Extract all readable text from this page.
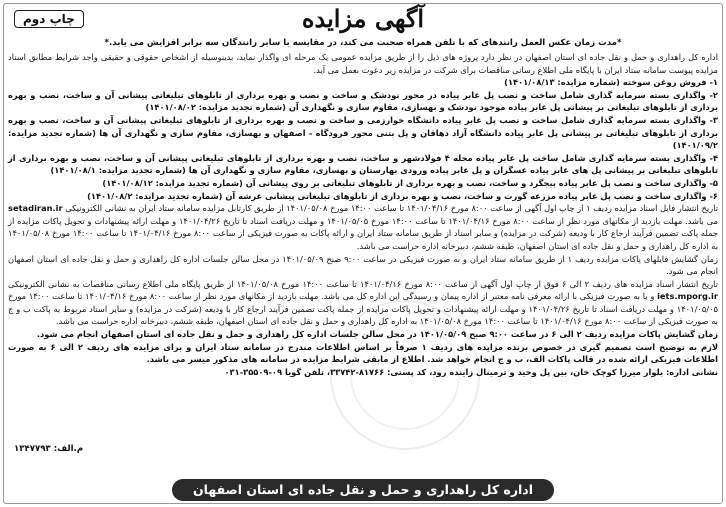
آگهی مزایده
چاپ دوم
*مدت زمان عکس العمل رانندهای که با تلفن همراه صحبت می کند، در مقایسه با سایر رانندگان سه برابر افزایش می یابد.*

اداره کل راهداری و حمل و نقل جاده ای استان اصفهان در نظر دارد پروژه های ذیل را از طریق مزایده عمومی یک مرحله ای واگذار نماید، بدینوسیله از اشخاص حقوقی و حقیقی واجد شرایط مطابق اسناد مزایده پیوست سامانه ستاد ایران با پایگاه ملی اطلاع رسانی مناقصات برای شرکت در مزایده زیر دعوت بعمل می آید.

۱- فروش روغن سوخته (شماره مزایده: ۱۴۰۱/۰۸/۱۳)

۲- واگذاری بسته سرمایه گذاری شامل ساخت و نصب پل عابر پیاده در محور نودشک و ساخت و نصب و بهره برداری از تابلوهای تبلیغاتی پیشانی آن و ساخت، نصب و بهره برداری از تابلوهای تبلیغاتی بر پیشانی پل عابر پیاده موجود نودشک و بهسازی، مقاوم سازی و نگهداری آن (شماره تجدید مزایده: ۱۴۰۱/۰۸/۰۲)

۳- واگذاری بسته سرمایه گذاری شامل ساخت و نصب پل عابر پیاده دانشگاه خوارزمی و ساخت و نصب و بهره برداری از تابلوهای تبلیغاتی پیشانی آن و ساخت، نصب و بهره برداری از تابلوهای تبلیغاتی بر پیشانی پل عابر پیاده دانشگاه آزاد دهاقان و پل بتنی محور فرودگاه - اصفهان و بهسازی، مقاوم سازی و نگهداری آن ها (شماره تجدید مزایده: ۱۴۰۱/۰۹/۲)

۴- واگذاری بسته سرمایه گذاری شامل ساخت پل عابر پیاده محله ۴ فولادشهر و ساخت، نصب و بهره برداری از تابلوهای تبلیغاتی پیشانی آن و ساخت، نصب و بهره برداری از تابلوهای تبلیغاتی بر پیشانی پل های عابر پیاده عسگران و پل عابر پیاده ورودی بهارستان و بهسازی، مقاوم سازی و نگهداری آن ها (شماره تجدید مزایده: ۱۴۰۱/۰۸/۱)

۵- واگذاری ساخت و نصب پل عابر پیاده بیجگرد و ساخت، نصب و بهره برداری از تابلوهای تبلیغاتی بر روی پیشانی آن (شماره تجدید مزایده: ۱۴۰۱/۰۸/۱۲)

۶- واگذاری ساخت و نصب پل عابر پیاده مزرعه گورت و ساخت، نصب و بهره برداری از تابلوهای تبلیغاتی پیشانی عرشه آن (شماره تجدید مزایده: ۱۴۰۱/۰۸/۲)

تاریخ انتشار فایل اسناد مزایده ردیف ۱ از چاپ اول آگهی از ساعت ۸:۰۰ مورخ ۱۴۰۱/۰۴/۱۶ تا ساعت ۱۴:۰۰ مورخ ۱۴۰۱/۰۵/۰۸ از طریق کارتابل مزایده سامانه ستاد ایران به نشانی الکترونیکی setadiran.ir می باشد. مهلت بازدید از مکانهای مورد نظر از ساعت ۸:۰۰ مورخ ۱۴۰۱/۰۴/۱۶ تا ساعت ۱۴:۰۰ مورخ ۱۴۰۱/۰۵/۰۵ و مهلت دریافت اسناد تا تاریخ ۱۴۰۱/۰۴/۲۶ و مهلت ارائه پیشنهادات و تحویل پاکات مزایده از جمله پاکت تضمین فرآیند ارجاع کار با ودیعه (شرکت در مزایده) و سایر اسناد از طریق سامانه ستاد ایران و ارائه پاکات به صورت فیزیکی از ساعت ۸:۰۰ مورخ ۱۴۰۱/۰۴/۱۶ تا ساعت ۱۴:۰۰ مورخ ۱۴۰۱/۰۵/۰۸ به اداره کل راهداری و حمل و نقل جاده ای استان اصفهان، طبقه ششم، دبیرخانه اداره حراست می باشد.

زمان گشایش فایلهای پاکات مزایده ردیف ۱ از طریق سامانه ستاد ایران و به صورت فیزیکی در ساعت ۹:۰۰ صبح ۱۴۰۱/۰۵/۰۹ در محل سالن جلسات اداره کل راهداری و حمل و نقل جاده ای استان اصفهان انجام می شود.

تاریخ انتشار اسناد مزایده های ردیف ۲ الی ۶ فوق از چاپ اول آگهی از ساعت ۸:۰۰ مورخ ۱۴۰۱/۰۴/۱۶ تا ساعت ۱۴:۰۰ مورخ ۱۴۰۱/۰۵/۰۸ از طریق پایگاه ملی اطلاع رسانی مناقصات به نشانی الکترونیکی iets.mporg.ir و یا به صورت فیزیکی با ارائه معرفی نامه معتبر از اداره پیمان و رسیدگی این اداره کل می باشد. مهلت بازدید از مکانهای مورد نظر از ساعت ۸:۰۰ مورخ ۱۴۰۱/۰۴/۱۶ تا ساعت ۱۴:۰۰ مورخ ۱۴۰۱/۰۵/۰۵ و مهلت دریافت اسناد تا تاریخ ۱۴۰۱/۰۴/۲۶ و مهلت ارائه پیشنهادات و تحویل پاکات مزایده از جمله پاکت تضمین فرآیند ارجاع کار با ودیعه (شرکت در مزایده) و سایر اسناد مربوط به پاکت ب و ج به صورت فیزیکی از ساعت ۸:۰۰ مورخ ۱۴۰۱/۰۴/۱۶ تا ساعت ۱۴:۰۰ مورخ ۱۴۰۱/۰۵/۰۸ به اداره کل راهداری و حمل و نقل جاده ای استان اصفهان، طبقه ششم، دبیرخانه اداره حراست می باشد.

زمان گشایش پاکات مزایده ردیف ۲ الی ۶ در ساعت ۹:۰۰ صبح ۱۴۰۱/۰۵/۰۹ در محل سالن جلسات اداره کل راهداری و حمل و نقل جاده ای استان اصفهان انجام می شود.

لازم به توضیح است تصمیم گیری در خصوص برنده مزایده های ردیف ۱ صرفاً بر اساس اطلاعات مندرج در سامانه ستاد ایران و برای مزایده های ردیف ۲ الی ۶ به صورت اطلاعات فیزیکی ارائه شده در قالب پاکات الف، ب و ج انجام خواهد شد. اطلاع از مابقی شرایط مزایده در سامانه های مذکور میسر می باشد.

نشانی اداره: بلوار میرزا کوچک خان، بین پل وحید و ترمینال زاینده رود، کد پستی: ۸۱۷۶۶-۳۳۷۴۲، تلفن گویا ۰۹-۳۵۵۰۹-۰۳۱

م.الف: ۱۳۴۷۷۹۳
اداره کل راهداری و حمل و نقل جاده ای استان اصفهان
